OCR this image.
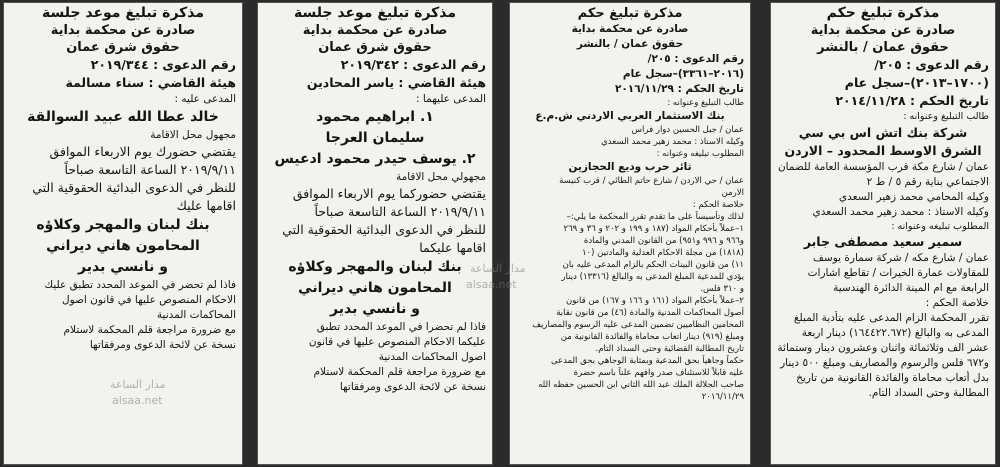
مذكرة تبليغ حكم
صادرة عن محكمة بداية
حقوق عمان / بالنشر
رقم الدعوى : ٢٠٥/
(١٧٠٠–٢٠١٣)–سجل عام
تاريخ الحكم : ٢٠١٤/١١/٢٨
طالب التبليغ وعنوانه :
شركة بنك اتش اس بي سي
الشرق الاوسط المحدود – الاردن
عمان / شارع مكة قرب المؤسسة العامة للضمان
الاجتماعي بناية رقم ٥ / ط ٢
وكيله المحامي محمد زهير السعدي
وكيله الاستاذ : محمد زهير محمد السعدي
المطلوب تبليغه وعنوانه :
سمير سعيد مصطفى جابر
عمان / شارع مكه / شركة سمارة يوسف
للمقاولات عمارة الخيرات / تقاطع اشارات
الرابعة مع ام المينة الدائرة الهندسية
خلاصة الحكم :
تقرر المحكمة الزام المدعى عليه بتأدية المبلغ
المدعى به والبالغ (١٦٤٤٢٢.٦٧٢) دينار اربعة
عشر الف وثلاثمائة واثنان وعشرون دينار وستمائة
و٦٧٢ فلس والرسوم والمصاريف ومبلغ ٥٠٠ دينار
بدل أتعاب محاماة والفائدة القانونية من تاريخ
المطالبة وحتى السداد التام.
مذكرة تبليغ حكم
صادرة عن محكمة بداية
حقوق عمان / بالنشر
رقم الدعوى : ٢٠٥/
(٢٠١٦–٣٣٦١)–سجل عام
تاريخ الحكم : ٢٠١٦/١١/٢٩
طالب التبليغ وعنوانه :
بنك الاستثمار العربي الاردني ش.م.ع
عمان / جبل الحسين دوار فراس
وكيله الاستاذ : محمد زهير محمد السعدي
المطلوب تبليغه وعنوانه :
ثائر حرب وديع الحجازين
عمان / حي الاردن / شارع حاتم الطائي / قرب كنيسة
الارمن
خلاصة الحكم :
لذلك وتأسيساً على ما تقدم تقرر المحكمة ما يلي:–
١–عملاً بأحكام المواد (١٨٧ و ١٩٩ و ٢٠٢ و ٣٦ و ٢٦٩
و٩٦٦ و ٩٩٦ و٩٥١) من القانون المدني والمادة
(١٨١٨) من مجلة الاحكام العدلية والمادتين (١٠
١١) من قانون البينات الحكم بالزام المدعى عليه بان
يؤدي للمدعية المبلغ المدعى به والبالغ (١٣٣١٦) دينار
و ٣١٠ فلس.
٢–عملاً بأحكام المواد (١٦١ و ١٦٦ و ١٦٧) من قانون
أصول المحاكمات المدنية والمادة (٤٦) من قانون نقابة
المحامين النظاميين تضمين المدعى عليه الرسوم والمصاريف
ومبلغ (٩١٩) دينار اتعاب محاماة والفائدة القانونية من
تاريخ المطالبة القضائية وحتى السداد التام.
حكماً وجاهياً بحق المدعية وبمثابة الوجاهي بحق المدعى
عليه قابلاً للاستئناف صدر وافهم علناً باسم حضرة
صاحب الجلالة الملك عبد الله الثاني ابن الحسين حفظه الله
٢٠١٦/١١/٢٩
مذكرة تبليغ موعد جلسة
صادرة عن محكمة بداية
حقوق شرق عمان
رقم الدعوى : ٢٠١٩/٣٤٢
هيئة القاضي : ياسر المحادين
المدعى عليهما :
١. ابراهيم محمود
سليمان العرجا
٢. يوسف حيدر محمود ادعيس
مجهولي محل الاقامة
يقتضي حضوركما يوم الاربعاء الموافق
٢٠١٩/٩/١١ الساعة التاسعة صباحاً
للنظر في الدعوى البدائية الحقوقية التي
اقامها عليكما
بنك لبنان والمهجر وكلاؤه
المحامون هاني ديراني
و نانسي بدير
فاذا لم تحضرا في الموعد المحدد تطبق
عليكما الاحكام المنصوص عليها في قانون
اصول المحاكمات المدنية
مع ضرورة مراجعة قلم المحكمة لاستلام
نسخة عن لائحة الدعوى ومرفقاتها
مذكرة تبليغ موعد جلسة
صادرة عن محكمة بداية
حقوق شرق عمان
رقم الدعوى : ٢٠١٩/٣٤٤
هيئة القاضي : سناء مسالمة
المدعى عليه :
خالد عطا الله عبيد السوالقة
مجهول محل الاقامة
يقتضي حضورك يوم الاربعاء الموافق
٢٠١٩/٩/١١ الساعة التاسعة صباحاً
للنظر في الدعوى البدائية الحقوقية التي
اقامها عليك
بنك لبنان والمهجر وكلاؤه
المحامون هاني ديراني
و نانسي بدير
فاذا لم تحضر في الموعد المحدد تطبق عليك
الاحكام المنصوص عليها في قانون اصول
المحاكمات المدنية
مع ضرورة مراجعة قلم المحكمة لاستلام
نسخة عن لائحة الدعوى ومرفقاتها
مدار الساعة
alsaa.net
مدار الساعة
alsaa.net
